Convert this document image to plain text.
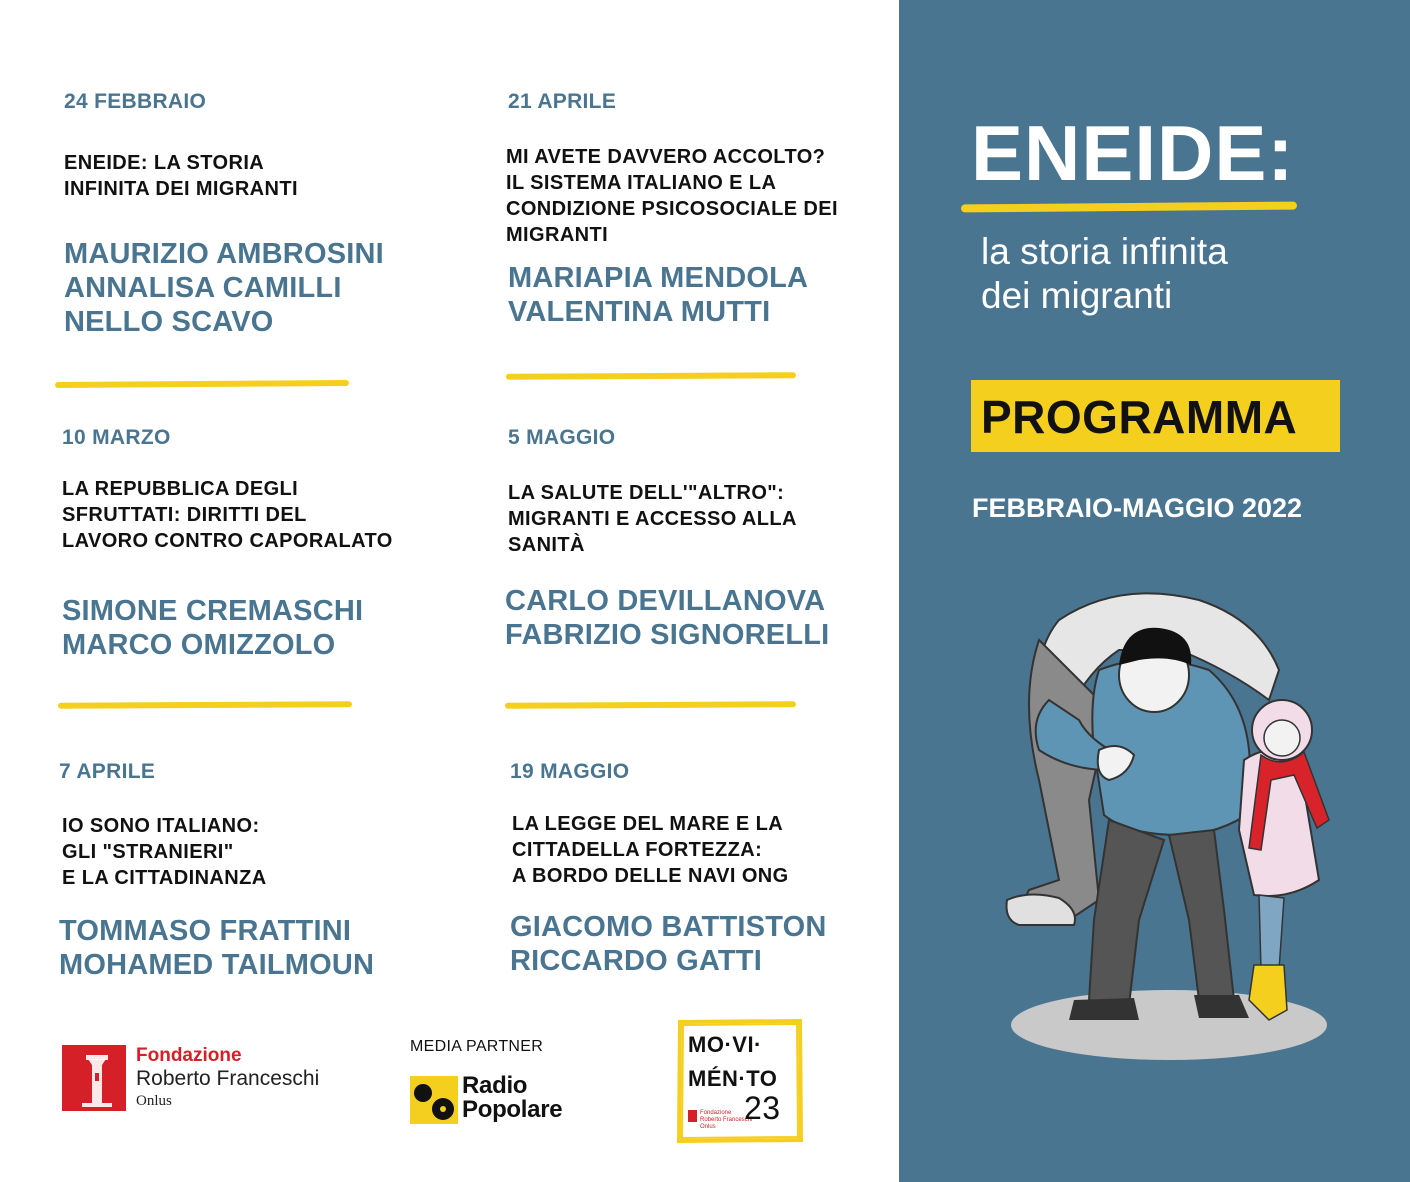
24 FEBBRAIO
ENEIDE: LA STORIA
INFINITA DEI MIGRANTI
MAURIZIO AMBROSINI
ANNALISA CAMILLI
NELLO SCAVO
21 APRILE
MI AVETE DAVVERO ACCOLTO?
IL SISTEMA ITALIANO E LA
CONDIZIONE PSICOSOCIALE DEI
MIGRANTI
MARIAPIA MENDOLA
VALENTINA MUTTI
10 MARZO
LA REPUBBLICA DEGLI
SFRUTTATI: DIRITTI DEL
LAVORO CONTRO CAPORALATO
SIMONE CREMASCHI
MARCO OMIZZOLO
5 MAGGIO
LA SALUTE DELL'"ALTRO":
MIGRANTI E ACCESSO ALLA
SANITÀ
CARLO DEVILLANOVA
FABRIZIO SIGNORELLI
7 APRILE
IO SONO ITALIANO:
GLI "STRANIERI"
E LA CITTADINANZA
TOMMASO FRATTINI
MOHAMED TAILMOUN
19 MAGGIO
LA LEGGE DEL MARE E LA
CITTADELLA FORTEZZA:
A BORDO DELLE NAVI ONG
GIACOMO BATTISTON
RICCARDO GATTI
Fondazione
Roberto Franceschi
Onlus
MEDIA PARTNER
Radio
Popolare
MO·VI·
MÉN·TO
Fondazione
Roberto Franceschi
Onlus
23
ENEIDE:
la storia infinita
dei migranti
PROGRAMMA
FEBBRAIO-MAGGIO 2022
